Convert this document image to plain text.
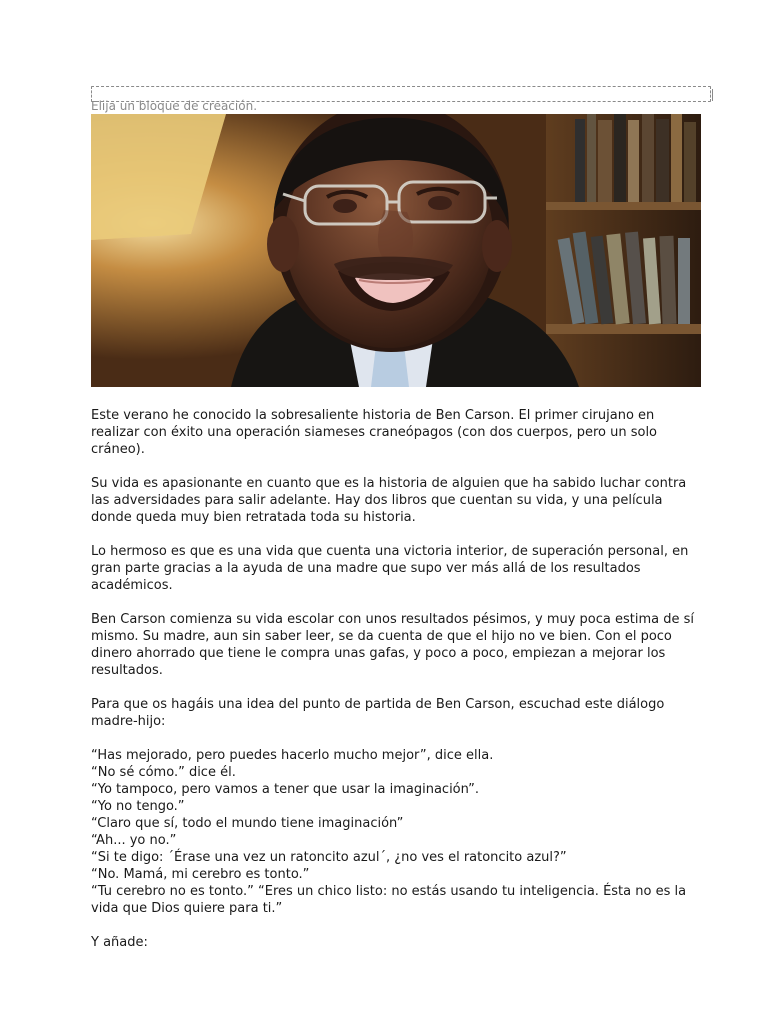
Elija un bloque de creación.

Este verano he conocido la sobresaliente historia de Ben Carson. El primer cirujano en realizar con éxito una operación siameses craneópagos (con dos cuerpos, pero un solo cráneo).

Su vida es apasionante en cuanto que es la historia de alguien que ha sabido luchar contra las adversidades para salir adelante. Hay dos libros que cuentan su vida, y una película donde queda muy bien retratada toda su historia.

Lo hermoso es que es una vida que cuenta una victoria interior, de superación personal, en gran parte gracias a la ayuda de una madre que supo ver más allá de los resultados académicos.

Ben Carson comienza su vida escolar con unos resultados pésimos, y muy poca estima de sí mismo. Su madre, aun sin saber leer, se da cuenta de que el hijo no ve bien. Con el poco dinero ahorrado que tiene le compra unas gafas, y poco a poco, empiezan a mejorar los resultados.

Para que os hagáis una idea del punto de partida de Ben Carson, escuchad este diálogo madre-hijo:

“Has mejorado, pero puedes hacerlo mucho mejor”, dice ella.
“No sé cómo.” dice él.
“Yo tampoco, pero vamos a tener que usar la imaginación”.
“Yo no tengo.”
“Claro que sí, todo el mundo tiene imaginación”
“Ah... yo no.”
“Si te digo: ´Érase una vez un ratoncito azul´, ¿no ves el ratoncito azul?”
“No. Mamá, mi cerebro es tonto.”
“Tu cerebro no es tonto.” “Eres un chico listo: no estás usando tu inteligencia. Ésta no es la vida que Dios quiere para ti.”

Y añade:
